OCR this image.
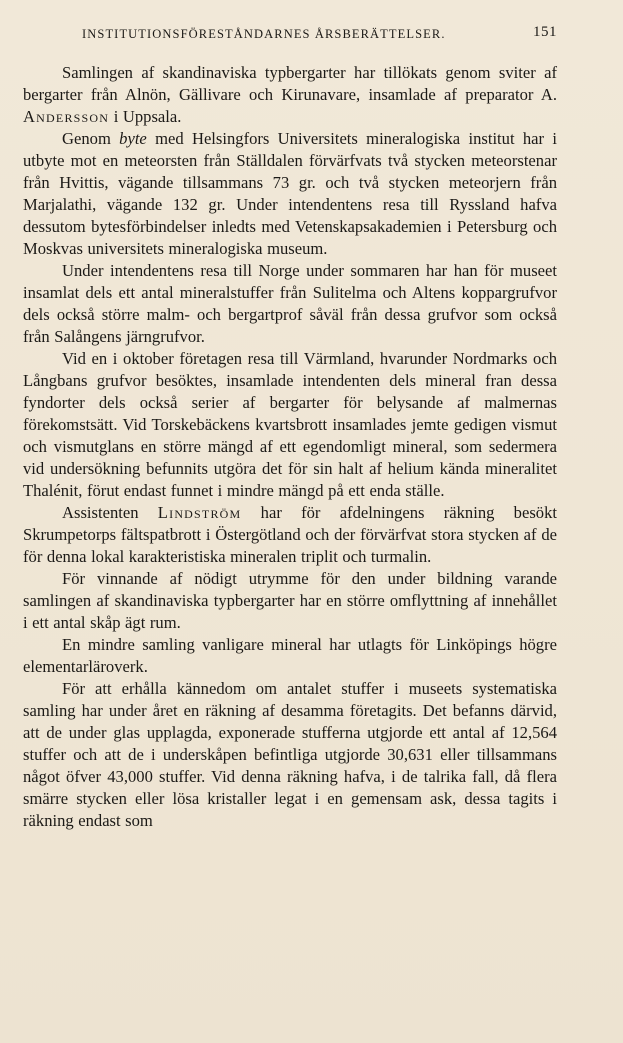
INSTITUTIONSFÖRESTÅNDARNES ÅRSBERÄTTELSER.	151

Samlingen af skandinaviska typbergarter har tillökats genom sviter af bergarter från Alnön, Gällivare och Kirunavare, insamlade af preparator A. Andersson i Uppsala.

Genom byte med Helsingfors Universitets mineralogiska institut har i utbyte mot en meteorsten från Ställdalen förvärfvats två stycken meteorstenar från Hvittis, vägande tillsammans 73 gr. och två stycken meteorjern från Marjalathi, vägande 132 gr. Under intendentens resa till Ryssland hafva dessutom bytesförbindelser inledts med Vetenskapsakademien i Petersburg och Moskvas universitets mineralogiska museum.

Under intendentens resa till Norge under sommaren har han för museet insamlat dels ett antal mineralstuffer från Sulitelma och Altens koppargrufvor dels också större malm- och bergartprof såväl från dessa grufvor som också från Salångens järngrufvor.

Vid en i oktober företagen resa till Värmland, hvarunder Nordmarks och Långbans grufvor besöktes, insamlade intendenten dels mineral fran dessa fyndorter dels också serier af bergarter för belysande af malmernas förekomstsätt. Vid Torskebäckens kvartsbrott insamlades jemte gedigen vismut och vismutglans en större mängd af ett egendomligt mineral, som sedermera vid undersökning befunnits utgöra det för sin halt af helium kända mineralitet Thalénit, förut endast funnet i mindre mängd på ett enda ställe.

Assistenten Lindström har för afdelningens räkning besökt Skrumpetorps fältspatbrott i Östergötland och der förvärfvat stora stycken af de för denna lokal karakteristiska mineralen triplit och turmalin.

För vinnande af nödigt utrymme för den under bildning varande samlingen af skandinaviska typbergarter har en större omflyttning af innehållet i ett antal skåp ägt rum.

En mindre samling vanligare mineral har utlagts för Linköpings högre elementarläroverk.

För att erhålla kännedom om antalet stuffer i museets systematiska samling har under året en räkning af desamma företagits. Det befanns därvid, att de under glas upplagda, exponerade stufferna utgjorde ett antal af 12,564 stuffer och att de i underskåpen befintliga utgjorde 30,631 eller tillsammans något öfver 43,000 stuffer. Vid denna räkning hafva, i de talrika fall, då flera smärre stycken eller lösa kristaller legat i en gemensam ask, dessa tagits i räkning endast som
